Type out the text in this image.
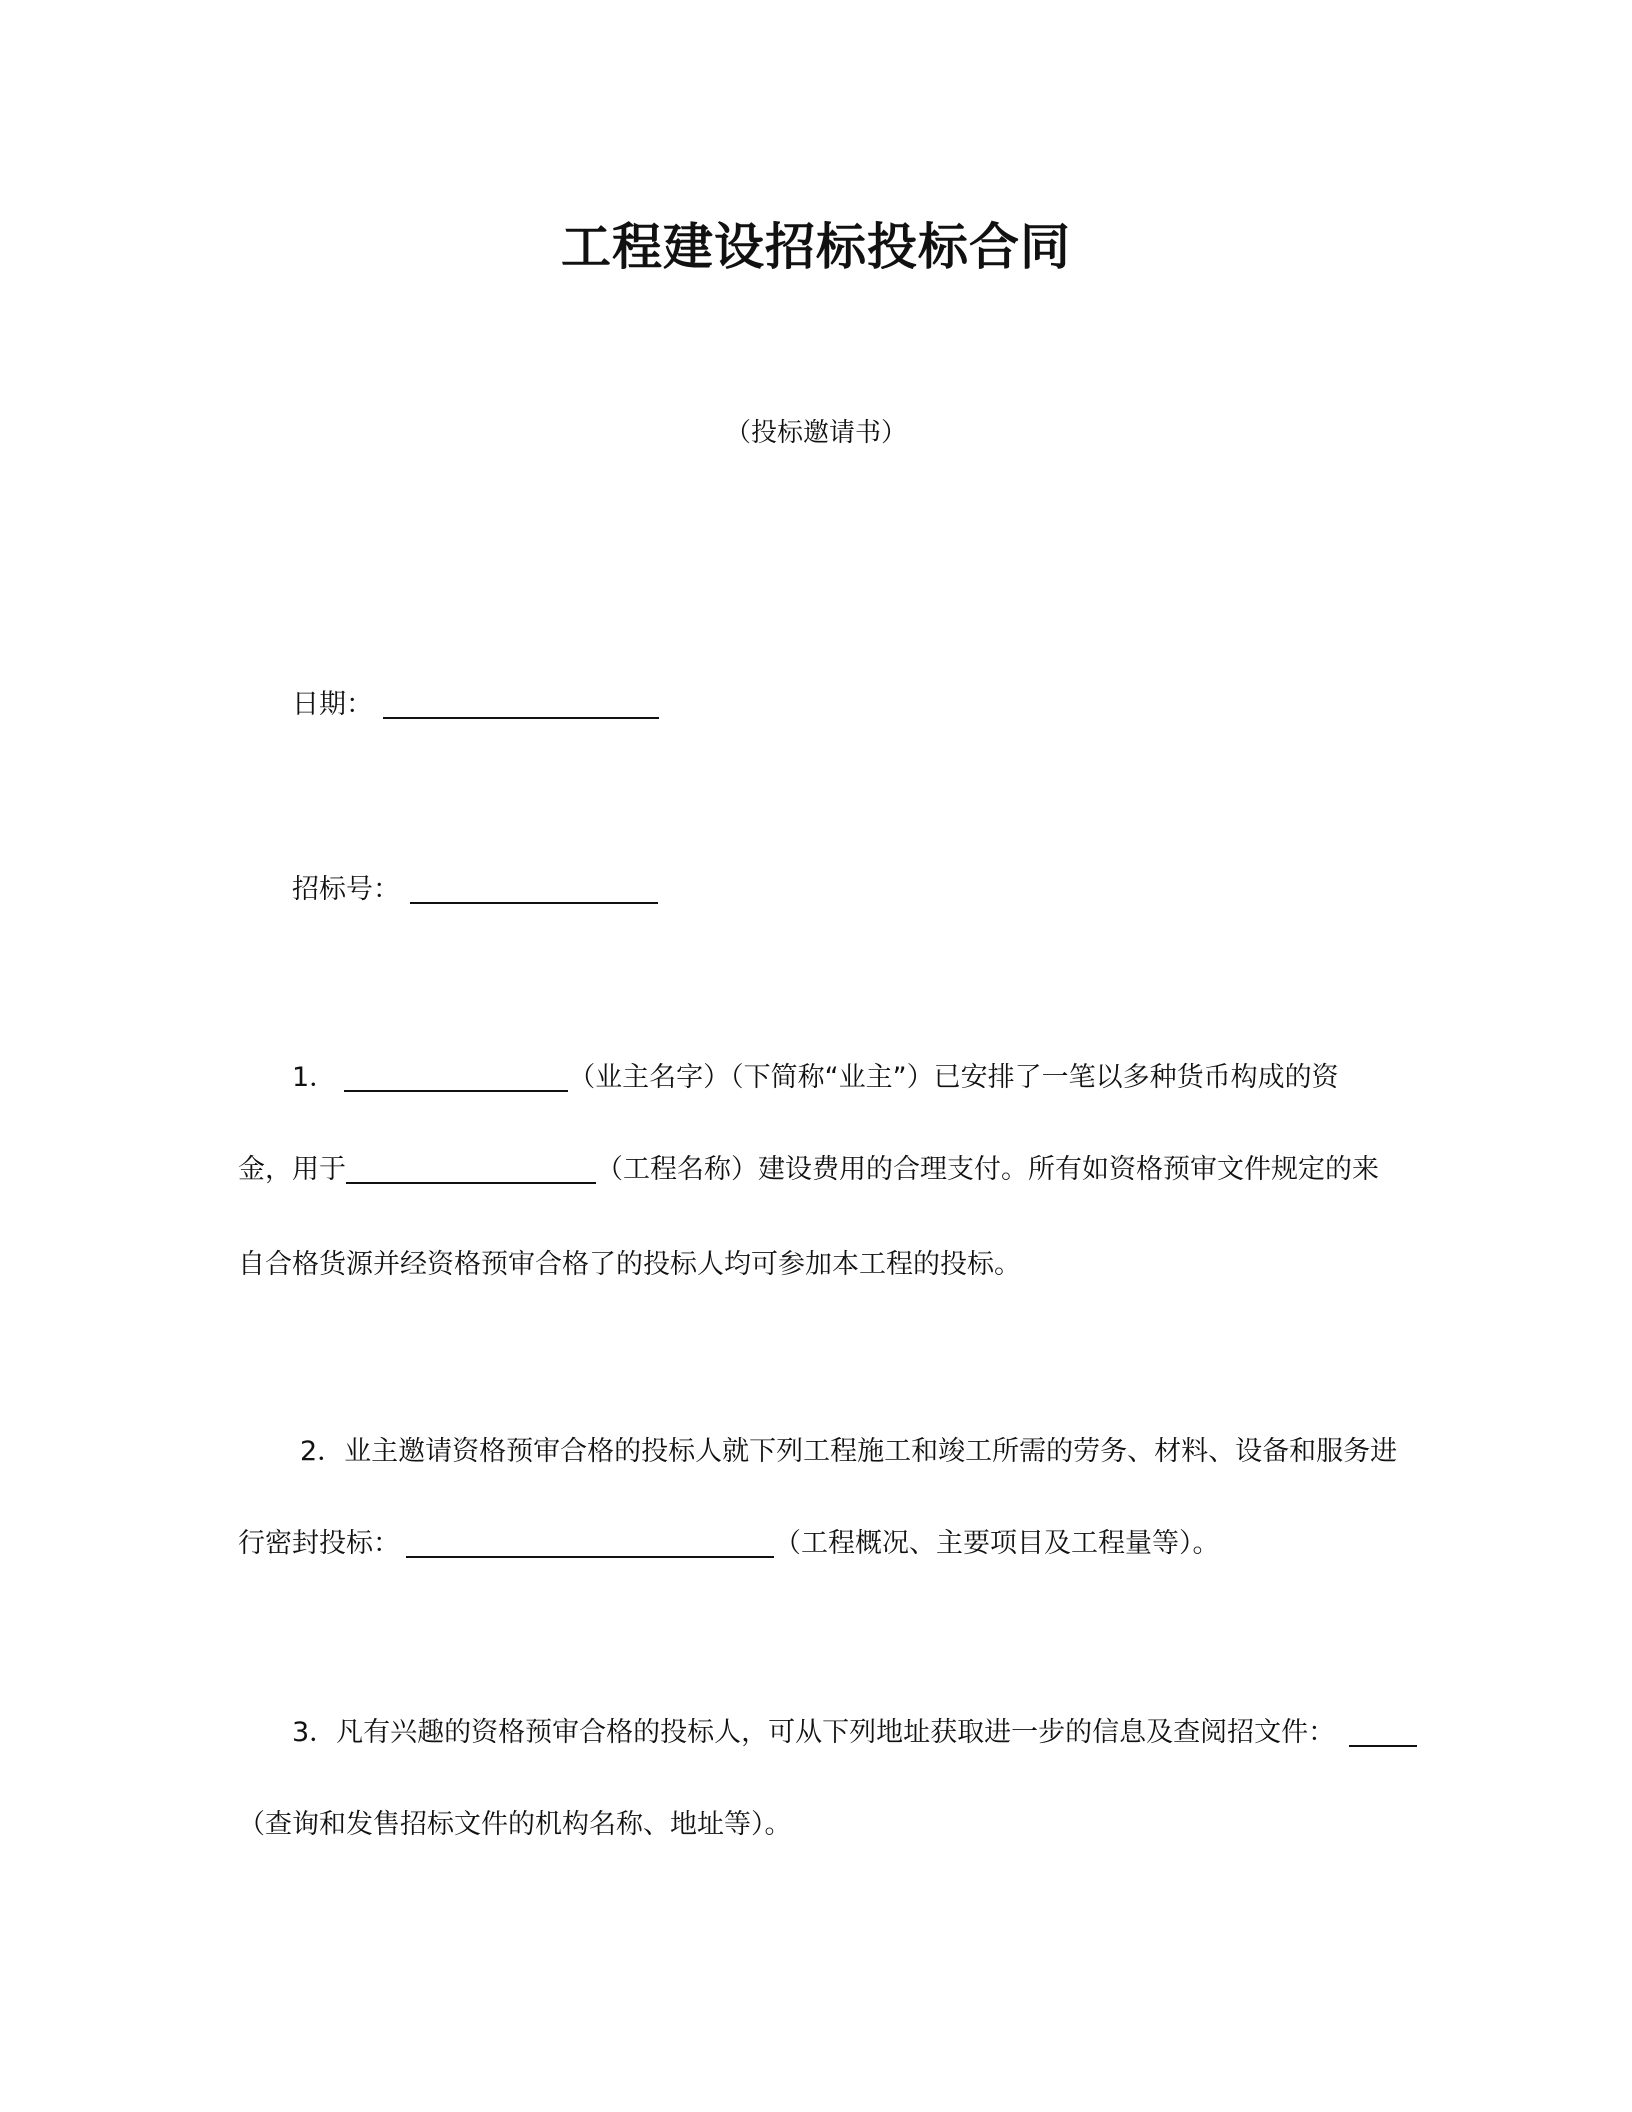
工程建设招标投标合同
（投标邀请书）
日期：
招标号：
1．	（业主名字）（下简称“业主”）已安排了一笔以多种货币构成的资
金，用于	（工程名称）建设费用的合理支付。所有如资格预审文件规定的来
自合格货源并经资格预审合格了的投标人均可参加本工程的投标。
2．业主邀请资格预审合格的投标人就下列工程施工和竣工所需的劳务、材料、设备和服务进
行密封投标：	（工程概况、主要项目及工程量等）。
3．凡有兴趣的资格预审合格的投标人，可从下列地址获取进一步的信息及查阅招文件：
（查询和发售招标文件的机构名称、地址等）。
